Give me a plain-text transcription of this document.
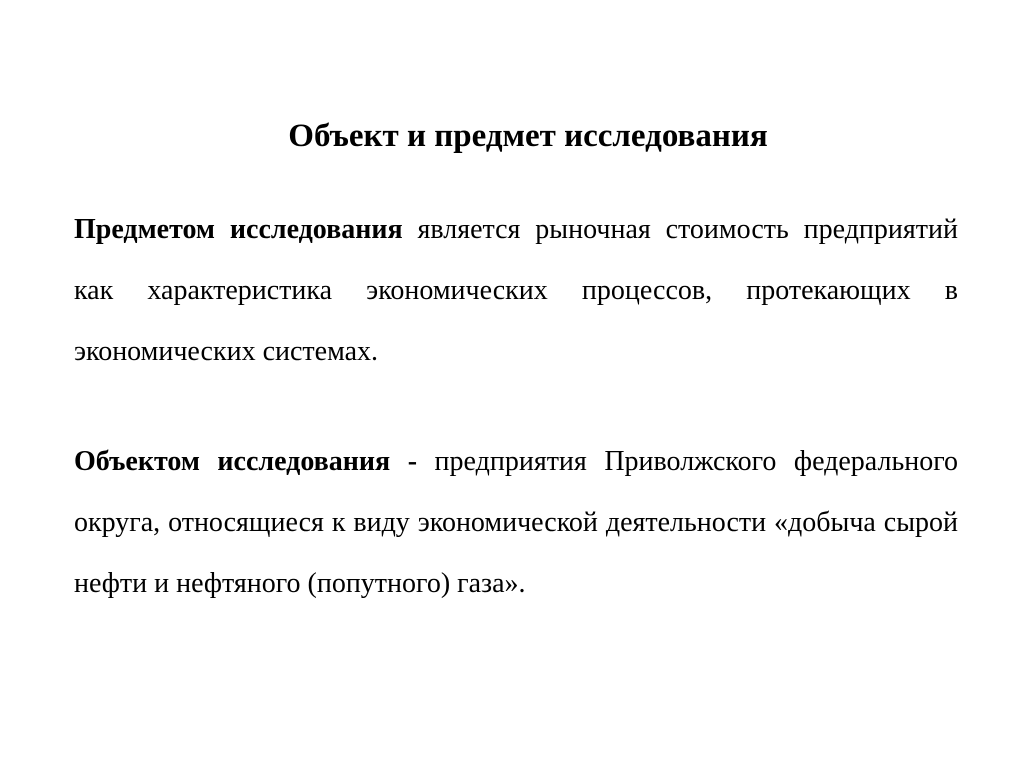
Объект и предмет исследования

Предметом исследования является рыночная стоимость предприятий как характеристика экономических процессов, протекающих в экономических системах.

Объектом исследования - предприятия Приволжского федерального округа, относящиеся к виду экономической деятельности «добыча сырой нефти и нефтяного (попутного) газа».
